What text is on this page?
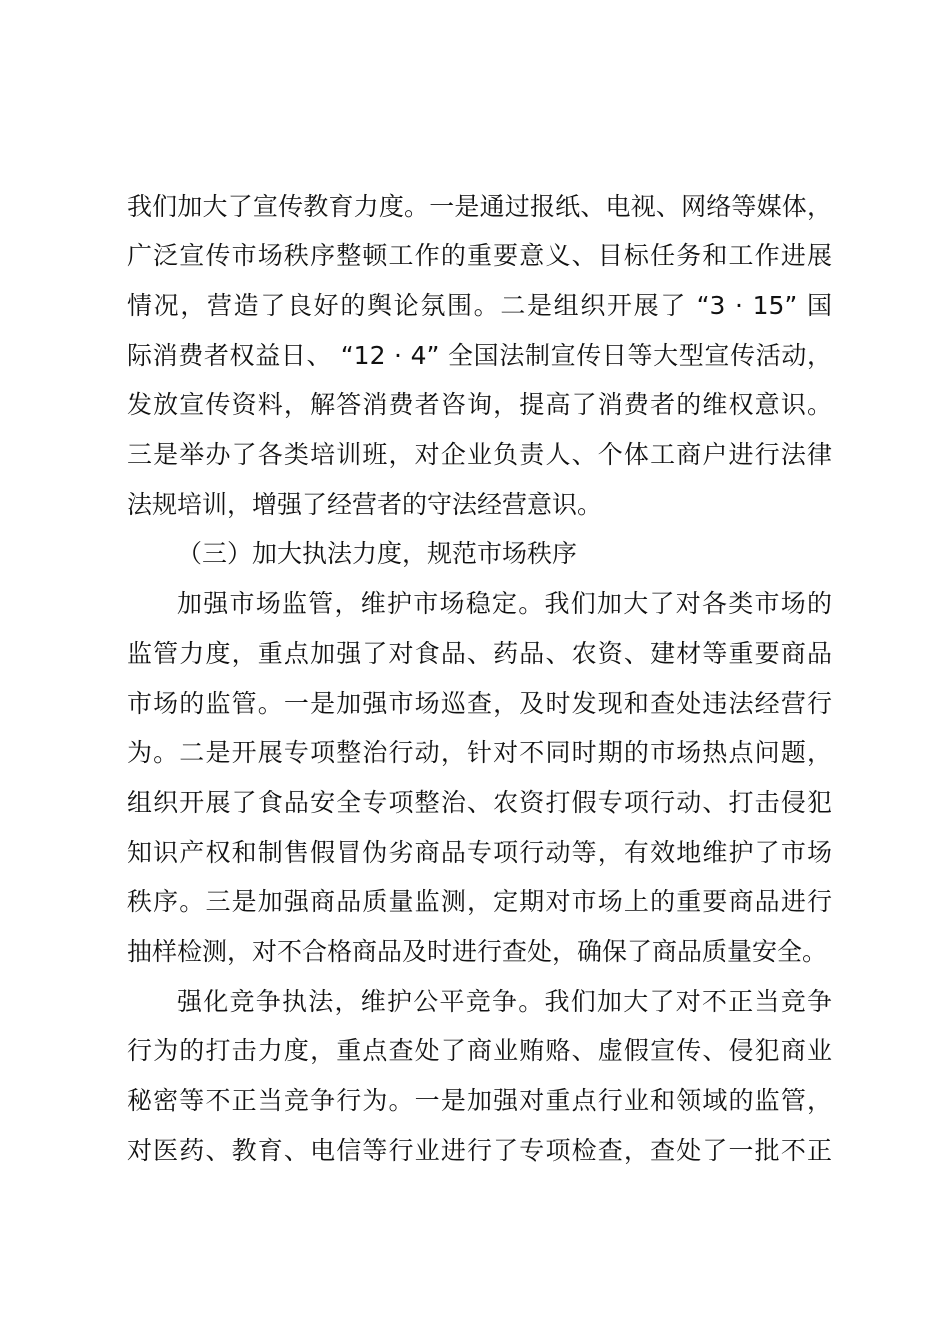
我们加大了宣传教育力度。一是通过报纸、电视、网络等媒体，
广泛宣传市场秩序整顿工作的重要意义、目标任务和工作进展
情况，营造了良好的舆论氛围。二是组织开展了 “3 · 15” 国
际消费者权益日、 “12 · 4” 全国法制宣传日等大型宣传活动，
发放宣传资料，解答消费者咨询，提高了消费者的维权意识。
三是举办了各类培训班，对企业负责人、个体工商户进行法律
法规培训，增强了经营者的守法经营意识。
（三）加大执法力度，规范市场秩序
加强市场监管，维护市场稳定。我们加大了对各类市场的
监管力度，重点加强了对食品、药品、农资、建材等重要商品
市场的监管。一是加强市场巡查，及时发现和查处违法经营行
为。二是开展专项整治行动，针对不同时期的市场热点问题，
组织开展了食品安全专项整治、农资打假专项行动、打击侵犯
知识产权和制售假冒伪劣商品专项行动等，有效地维护了市场
秩序。三是加强商品质量监测，定期对市场上的重要商品进行
抽样检测，对不合格商品及时进行查处，确保了商品质量安全。
强化竞争执法，维护公平竞争。我们加大了对不正当竞争
行为的打击力度，重点查处了商业贿赂、虚假宣传、侵犯商业
秘密等不正当竞争行为。一是加强对重点行业和领域的监管，
对医药、教育、电信等行业进行了专项检查，查处了一批不正
